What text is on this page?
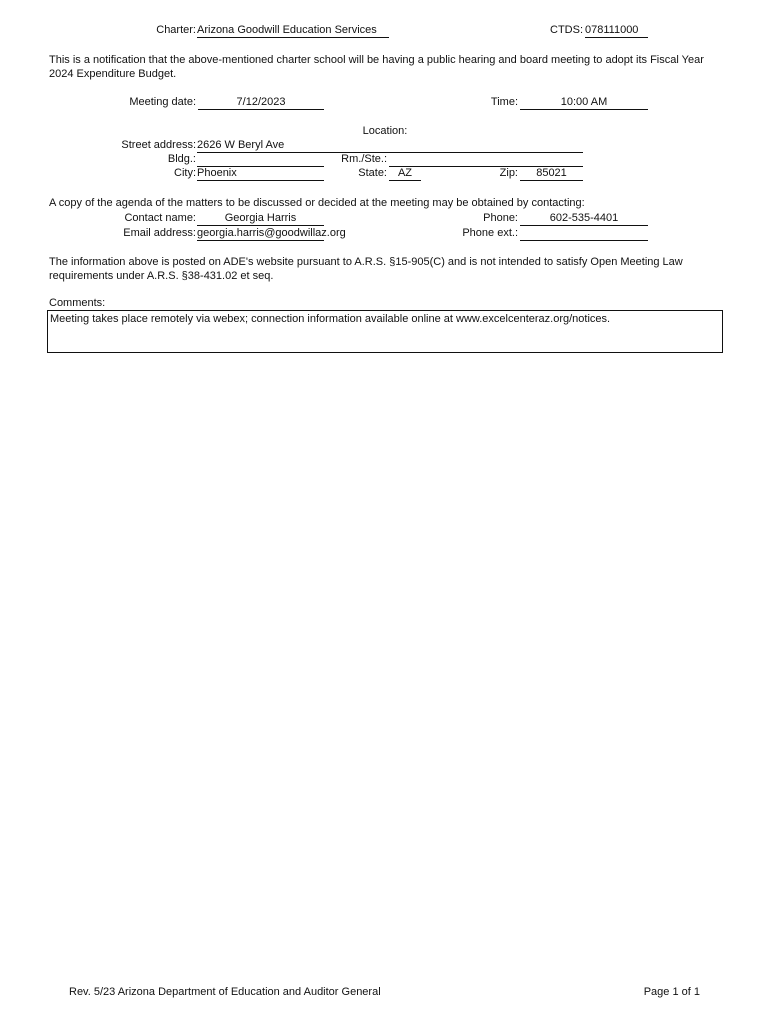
Charter: Arizona Goodwill Education Services	CTDS: 078111000
This is a notification that the above-mentioned charter school will be having a public hearing and board meeting to adopt its Fiscal Year 2024 Expenditure Budget.
Meeting date:	7/12/2023	Time:	10:00 AM
Location:
Street address: 2626 W Beryl Ave
Bldg.:	Rm./Ste.:
City: Phoenix	State: AZ	Zip:	85021
A copy of the agenda of the matters to be discussed or decided at the meeting may be obtained by contacting:
Contact name:	Georgia Harris	Phone:	602-535-4401
Email address: georgia.harris@goodwillaz.org	Phone ext.:
The information above is posted on ADE's website pursuant to A.R.S. §15-905(C) and is not intended to satisfy Open Meeting Law requirements under A.R.S. §38-431.02 et seq.
Comments:
Meeting takes place remotely via webex; connection information available online at www.excelcenteraz.org/notices.
Rev. 5/23 Arizona Department of Education and Auditor General	Page 1 of 1
